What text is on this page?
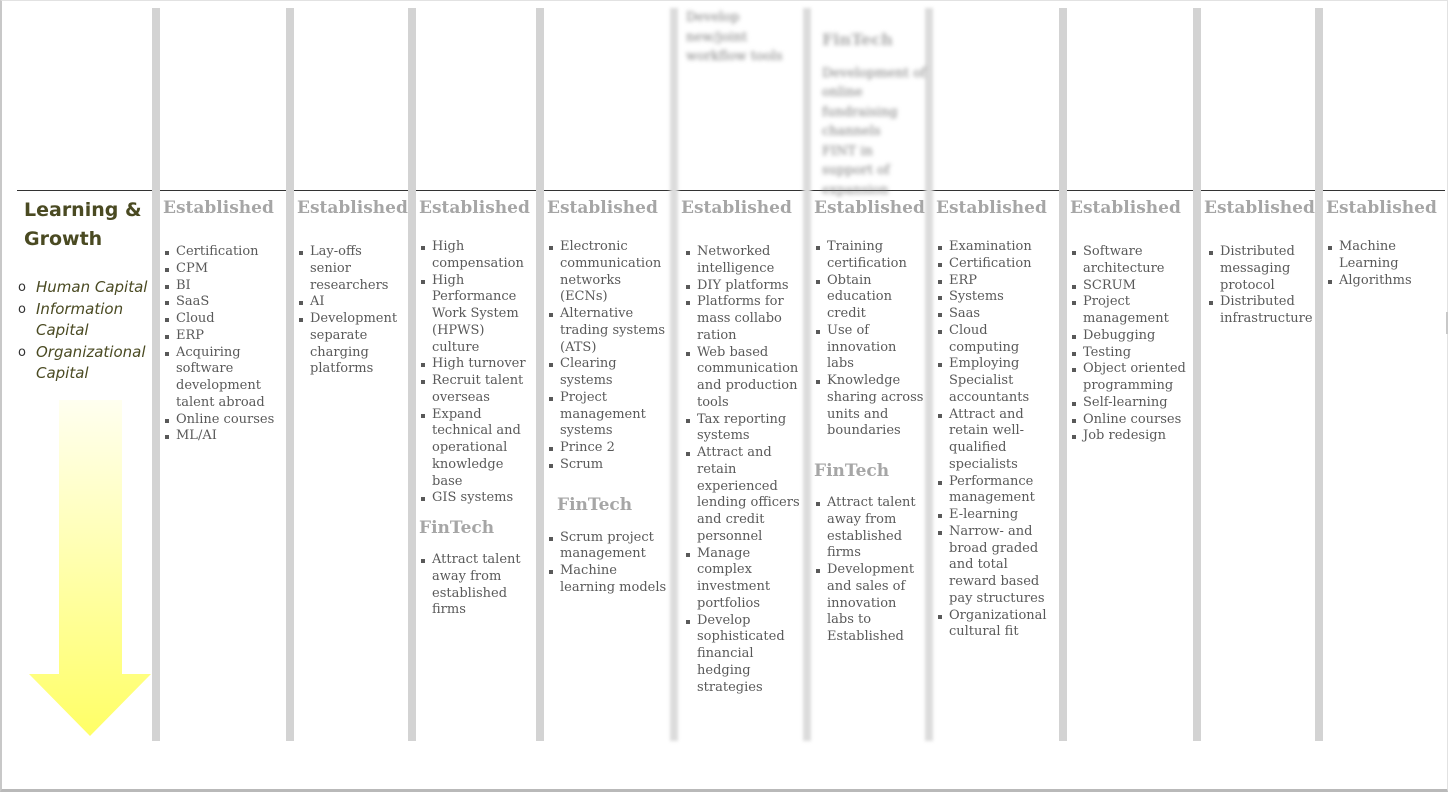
Develop

new/joint

workflow tools

FinTech

Development of

online

fundraising

channels

FINT in support of

expansion

Learning & Growth
o Human Capital
o Information Capital
o Organizational Capital
Established
Certification
CPM
BI
SaaS
Cloud
ERP
Acquiring software development talent abroad
Online courses
ML/AI
Established
Lay-offs senior researchers
AI
Development separate charging platforms
Established
High compensation
High Performance Work System (HPWS) culture
High turnover
Recruit talent overseas
Expand technical and operational knowledge base
GIS systems

FinTech

Attract talent away from established firms
Established
Electronic communication networks (ECNs)
Alternative trading systems (ATS)
Clearing systems
Project management systems
Prince 2
Scrum

FinTech

Scrum project management
Machine learning models
Established
Networked intelligence
DIY platforms
Platforms for mass collabo ration
Web based communication and production tools
Tax reporting systems
Attract and retain experienced lending officers and credit personnel
Manage complex investment portfolios
Develop sophisticated financial hedging strategies
Established
Training certification
Obtain education credit
Use of innovation labs
Knowledge sharing across units and boundaries

FinTech

Attract talent away from established firms
Development and sales of innovation labs to Established
Established
Examination
Certification
ERP
Systems
Saas
Cloud computing
Employing Specialist accountants
Attract and retain well-qualified specialists
Performance management
E-learning
Narrow- and broad graded and total reward based pay structures
Organizational cultural fit
Established
Software architecture
SCRUM
Project management
Debugging
Testing
Object oriented programming
Self-learning
Online courses
Job redesign
Established
Distributed messaging protocol
Distributed infrastructure
Established
Machine Learning
Algorithms
